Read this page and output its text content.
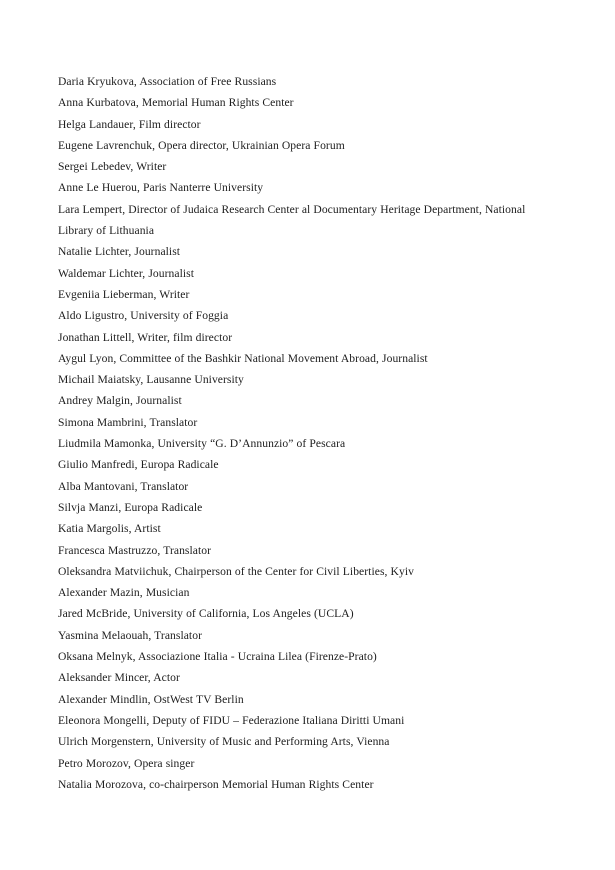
Daria Kryukova, Association of Free Russians
Anna Kurbatova, Memorial Human Rights Center
Helga Landauer, Film director
Eugene Lavrenchuk, Opera director, Ukrainian Opera Forum
Sergei Lebedev, Writer
Anne Le Huerou, Paris Nanterre University
Lara Lempert, Director of Judaica Research Center al Documentary Heritage Department, National Library of Lithuania
Natalie Lichter, Journalist
Waldemar Lichter, Journalist
Evgeniia Lieberman, Writer
Aldo Ligustro, University of Foggia
Jonathan Littell, Writer, film director
Aygul Lyon, Committee of the Bashkir National Movement Abroad, Journalist
Michail Maiatsky, Lausanne University
Andrey Malgin, Journalist
Simona Mambrini, Translator
Liudmila Mamonka, University “G. D’Annunzio” of Pescara
Giulio Manfredi, Europa Radicale
Alba Mantovani, Translator
Silvja Manzi, Europa Radicale
Katia Margolis, Artist
Francesca Mastruzzo, Translator
Oleksandra Matviichuk, Chairperson of the Center for Civil Liberties, Kyiv
Alexander Mazin, Musician
Jared McBride, University of California, Los Angeles (UCLA)
Yasmina Melaouah, Translator
Oksana Melnyk, Associazione Italia - Ucraina Lilea (Firenze-Prato)
Aleksander Mincer, Actor
Alexander Mindlin, OstWest TV Berlin
Eleonora Mongelli, Deputy of FIDU – Federazione Italiana Diritti Umani
Ulrich Morgenstern, University of Music and Performing Arts, Vienna
Petro Morozov, Opera singer
Natalia Morozova, co-chairperson Memorial Human Rights Center
